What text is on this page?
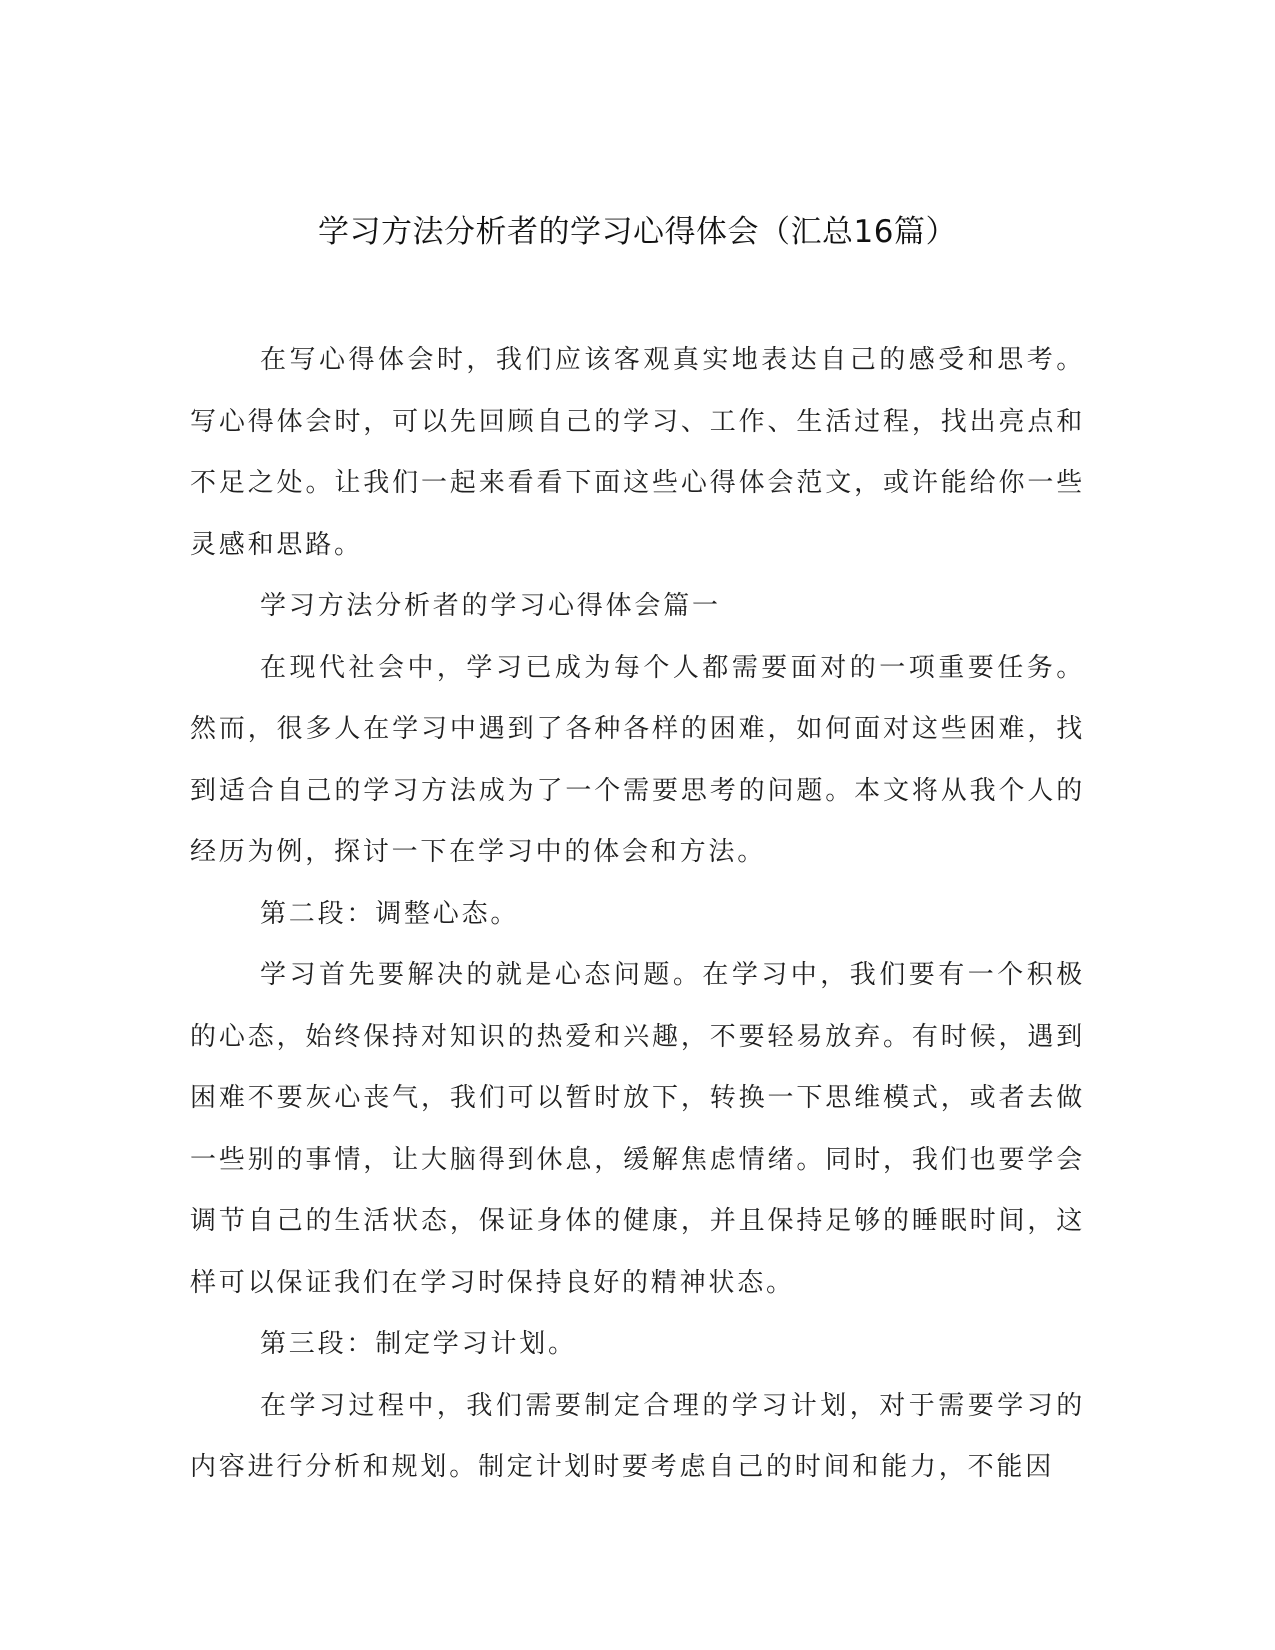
学习方法分析者的学习心得体会（汇总16篇）

在写心得体会时，我们应该客观真实地表达自己的感受和思考。写心得体会时，可以先回顾自己的学习、工作、生活过程，找出亮点和不足之处。让我们一起来看看下面这些心得体会范文，或许能给你一些灵感和思路。

学习方法分析者的学习心得体会篇一

在现代社会中，学习已成为每个人都需要面对的一项重要任务。然而，很多人在学习中遇到了各种各样的困难，如何面对这些困难，找到适合自己的学习方法成为了一个需要思考的问题。本文将从我个人的经历为例，探讨一下在学习中的体会和方法。

第二段：调整心态。

学习首先要解决的就是心态问题。在学习中，我们要有一个积极的心态，始终保持对知识的热爱和兴趣，不要轻易放弃。有时候，遇到困难不要灰心丧气，我们可以暂时放下，转换一下思维模式，或者去做一些别的事情，让大脑得到休息，缓解焦虑情绪。同时，我们也要学会调节自己的生活状态，保证身体的健康，并且保持足够的睡眠时间，这样可以保证我们在学习时保持良好的精神状态。

第三段：制定学习计划。

在学习过程中，我们需要制定合理的学习计划，对于需要学习的内容进行分析和规划。制定计划时要考虑自己的时间和能力，不能因
